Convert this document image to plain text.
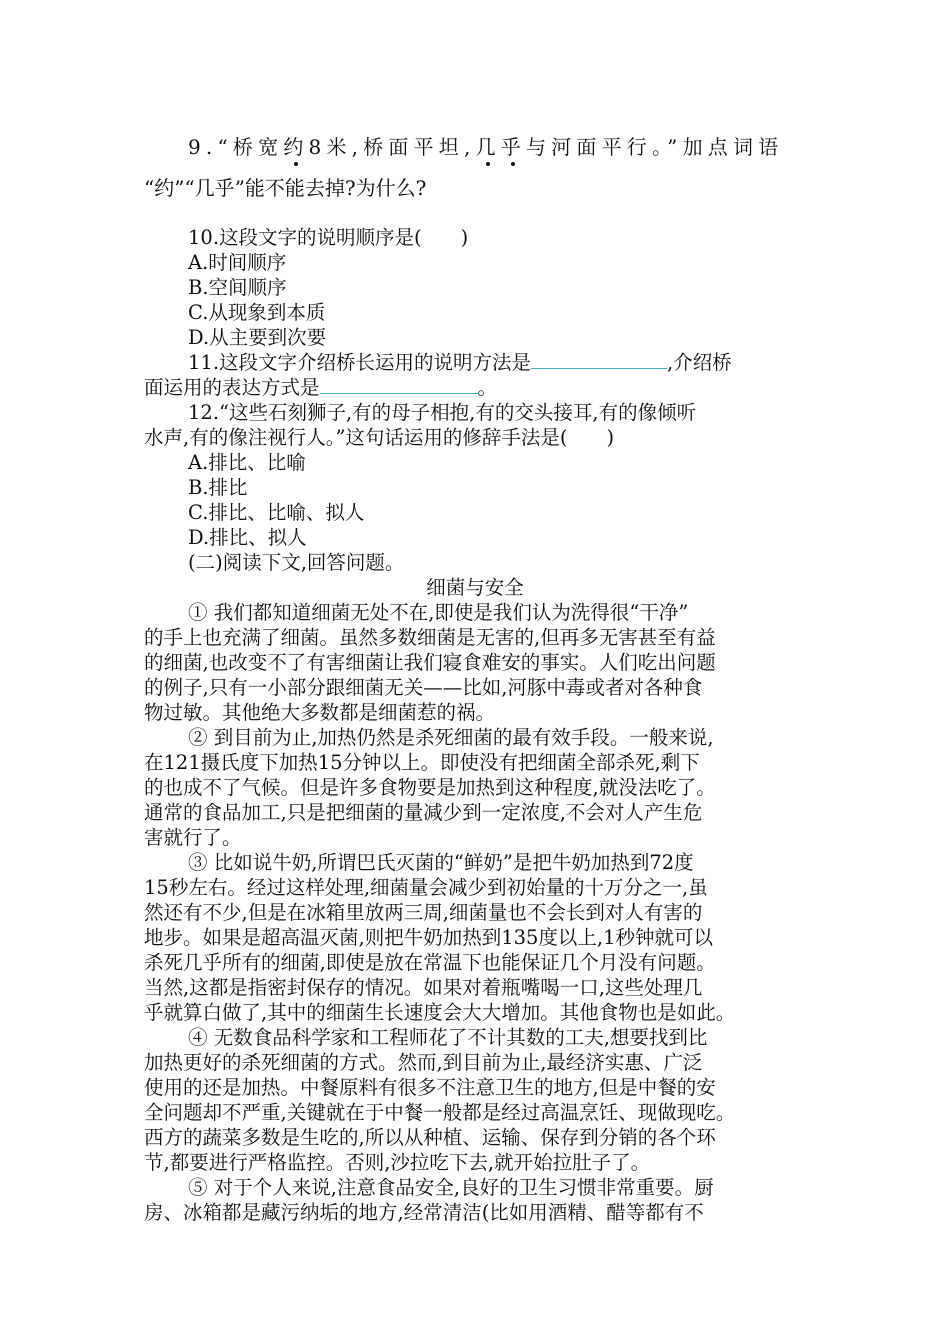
9.“桥宽约8米,桥面平坦,几乎与河面平行。”加点词语
“约”“几乎”能不能去掉?为什么?
10.这段文字的说明顺序是(　　)
A.时间顺序
B.空间顺序
C.从现象到本质
D.从主要到次要
11.这段文字介绍桥长运用的说明方法是	,介绍桥
面运用的表达方式是	。
12.“这些石刻狮子,有的母子相抱,有的交头接耳,有的像倾听
水声,有的像注视行人。”这句话运用的修辞手法是(　　)
A.排比、比喻
B.排比
C.排比、比喻、拟人
D.排比、拟人
(二)阅读下文,回答问题。
细菌与安全
① 我们都知道细菌无处不在,即使是我们认为洗得很“干净”
的手上也充满了细菌。虽然多数细菌是无害的,但再多无害甚至有益
的细菌,也改变不了有害细菌让我们寝食难安的事实。人们吃出问题
的例子,只有一小部分跟细菌无关——比如,河豚中毒或者对各种食
物过敏。其他绝大多数都是细菌惹的祸。
② 到目前为止,加热仍然是杀死细菌的最有效手段。一般来说,
在121摄氏度下加热15分钟以上。即使没有把细菌全部杀死,剩下
的也成不了气候。但是许多食物要是加热到这种程度,就没法吃了。
通常的食品加工,只是把细菌的量减少到一定浓度,不会对人产生危
害就行了。
③ 比如说牛奶,所谓巴氏灭菌的“鲜奶”是把牛奶加热到72度
15秒左右。经过这样处理,细菌量会减少到初始量的十万分之一,虽
然还有不少,但是在冰箱里放两三周,细菌量也不会长到对人有害的
地步。如果是超高温灭菌,则把牛奶加热到135度以上,1秒钟就可以
杀死几乎所有的细菌,即使是放在常温下也能保证几个月没有问题。
当然,这都是指密封保存的情况。如果对着瓶嘴喝一口,这些处理几
乎就算白做了,其中的细菌生长速度会大大增加。其他食物也是如此。
④ 无数食品科学家和工程师花了不计其数的工夫,想要找到比
加热更好的杀死细菌的方式。然而,到目前为止,最经济实惠、广泛
使用的还是加热。中餐原料有很多不注意卫生的地方,但是中餐的安
全问题却不严重,关键就在于中餐一般都是经过高温烹饪、现做现吃。
西方的蔬菜多数是生吃的,所以从种植、运输、保存到分销的各个环
节,都要进行严格监控。否则,沙拉吃下去,就开始拉肚子了。
⑤ 对于个人来说,注意食品安全,良好的卫生习惯非常重要。厨
房、冰箱都是藏污纳垢的地方,经常清洁(比如用酒精、醋等都有不
